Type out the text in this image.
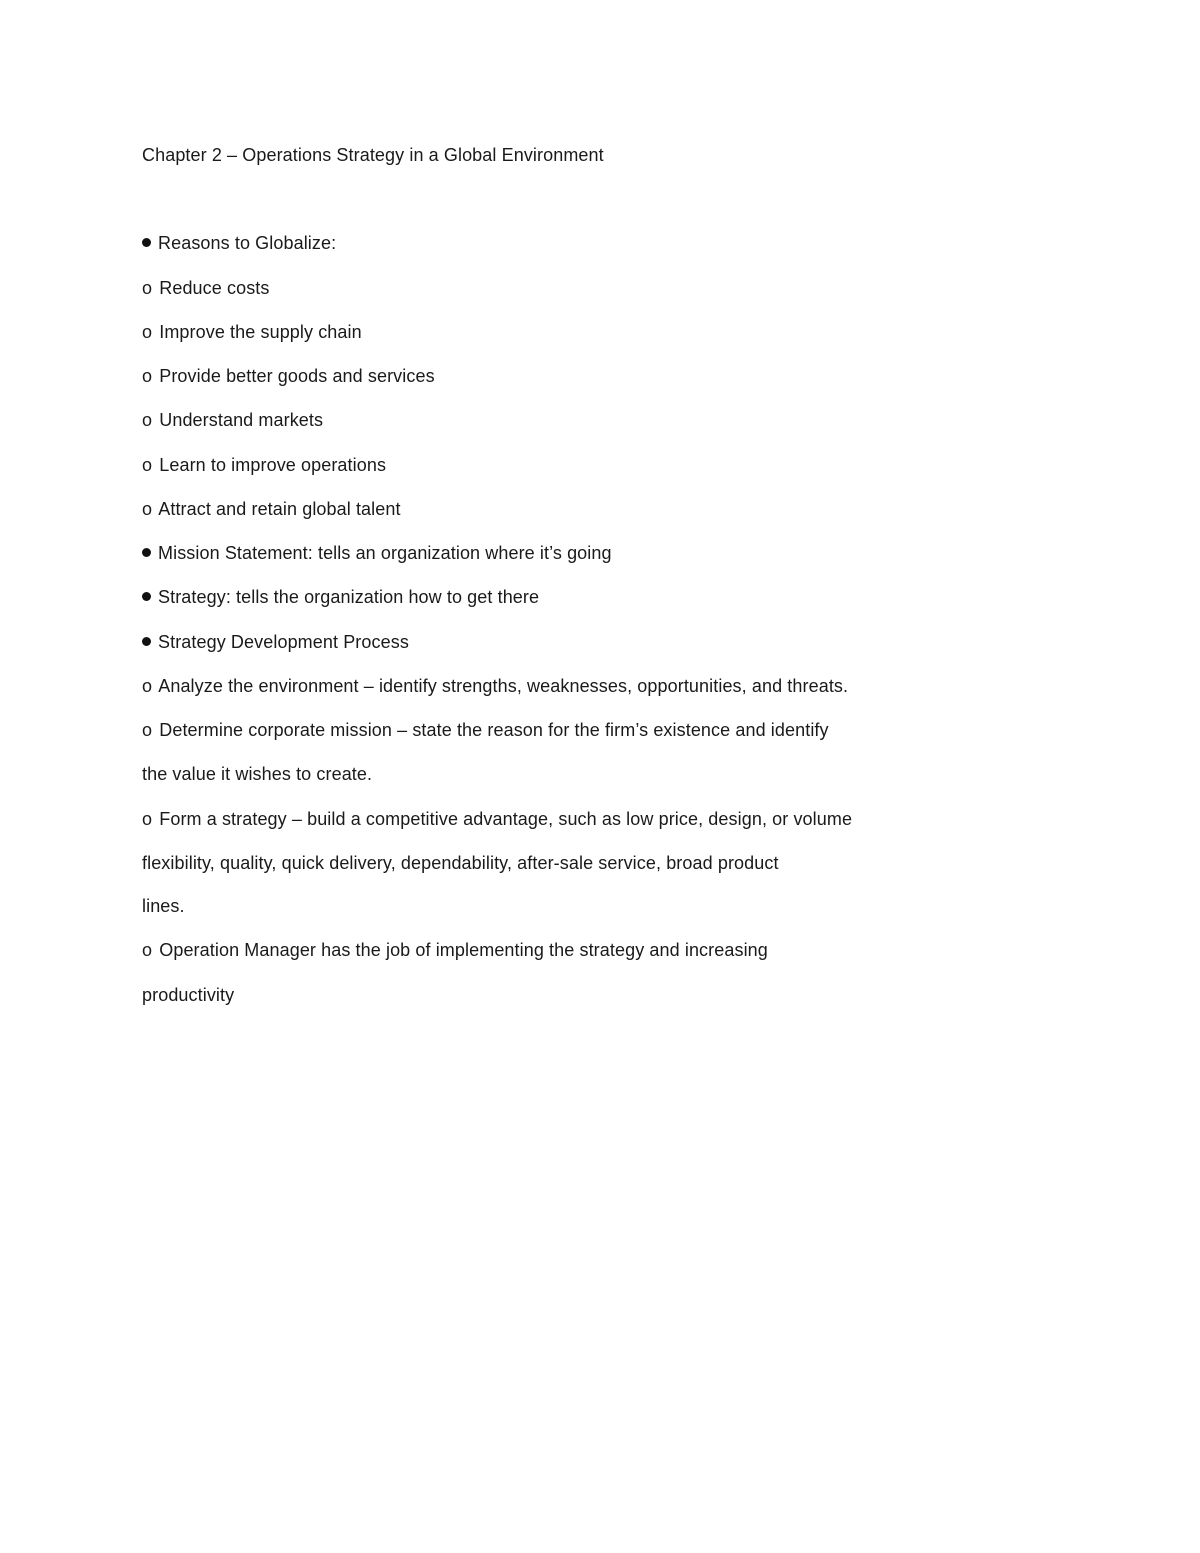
Chapter 2 – Operations Strategy in a Global Environment
Reasons to Globalize:
o Reduce costs
o Improve the supply chain
o Provide better goods and services
o Understand markets
o Learn to improve operations
o Attract and retain global talent
Mission Statement: tells an organization where it’s going
Strategy: tells the organization how to get there
Strategy Development Process
o Analyze the environment – identify strengths, weaknesses, opportunities, and threats.
o Determine corporate mission – state the reason for the firm’s existence and identify
the value it wishes to create.
o Form a strategy – build a competitive advantage, such as low price, design, or volume
flexibility, quality, quick delivery, dependability, after-sale service, broad product
lines.
o Operation Manager has the job of implementing the strategy and increasing
productivity
